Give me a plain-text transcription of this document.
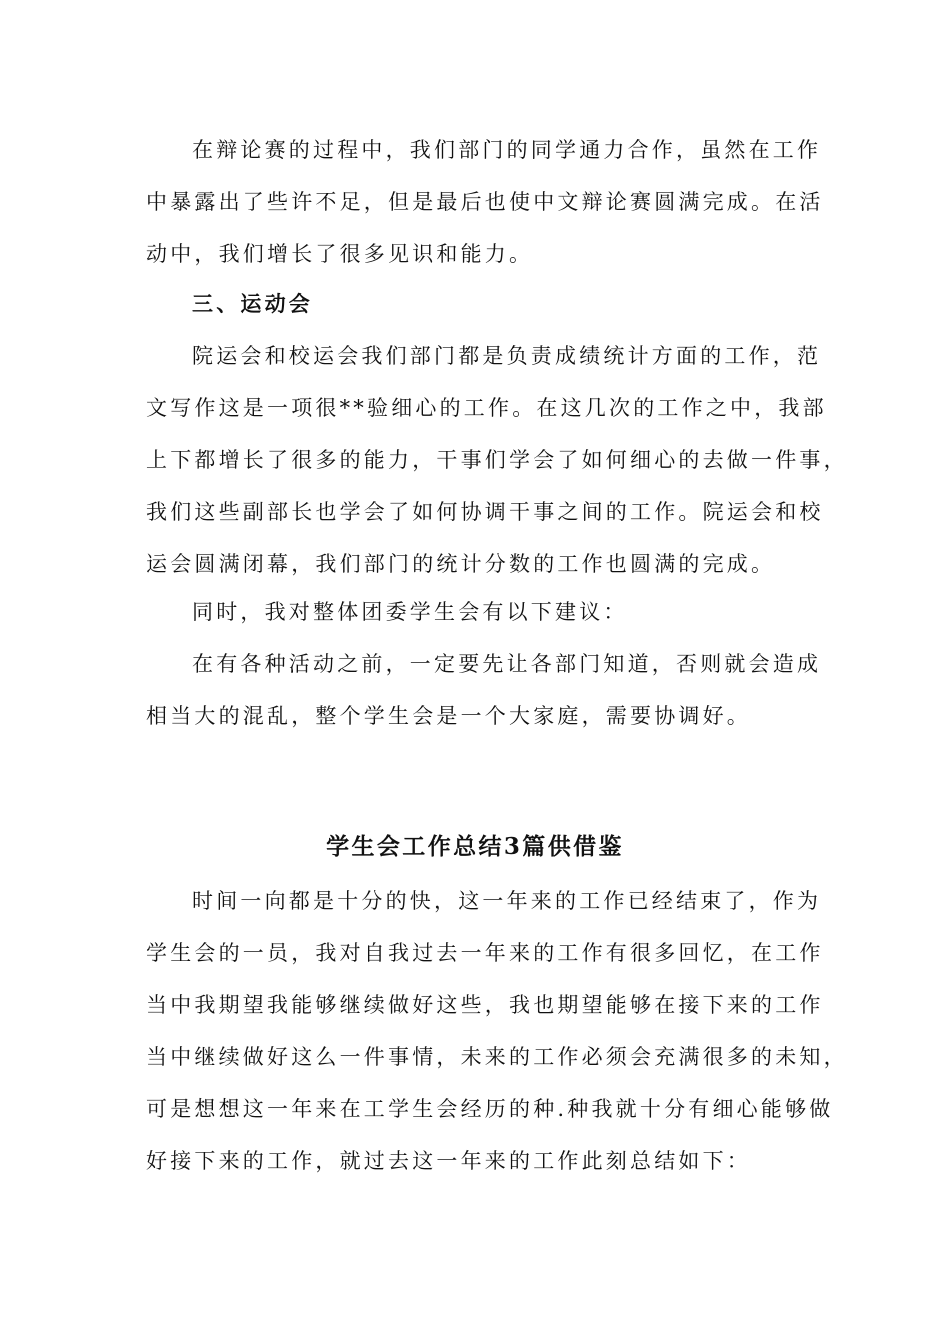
在辩论赛的过程中，我们部门的同学通力合作，虽然在工作
中暴露出了些许不足，但是最后也使中文辩论赛圆满完成。在活
动中，我们增长了很多见识和能力。
三、运动会
院运会和校运会我们部门都是负责成绩统计方面的工作，范
文写作这是一项很**验细心的工作。在这几次的工作之中，我部
上下都增长了很多的能力，干事们学会了如何细心的去做一件事，
我们这些副部长也学会了如何协调干事之间的工作。院运会和校
运会圆满闭幕，我们部门的统计分数的工作也圆满的完成。
同时，我对整体团委学生会有以下建议：
在有各种活动之前，一定要先让各部门知道，否则就会造成
相当大的混乱，整个学生会是一个大家庭，需要协调好。
学生会工作总结3篇供借鉴
时间一向都是十分的快，这一年来的工作已经结束了，作为
学生会的一员，我对自我过去一年来的工作有很多回忆，在工作
当中我期望我能够继续做好这些，我也期望能够在接下来的工作
当中继续做好这么一件事情，未来的工作必须会充满很多的未知，
可是想想这一年来在工学生会经历的种.种我就十分有细心能够做
好接下来的工作，就过去这一年来的工作此刻总结如下：
